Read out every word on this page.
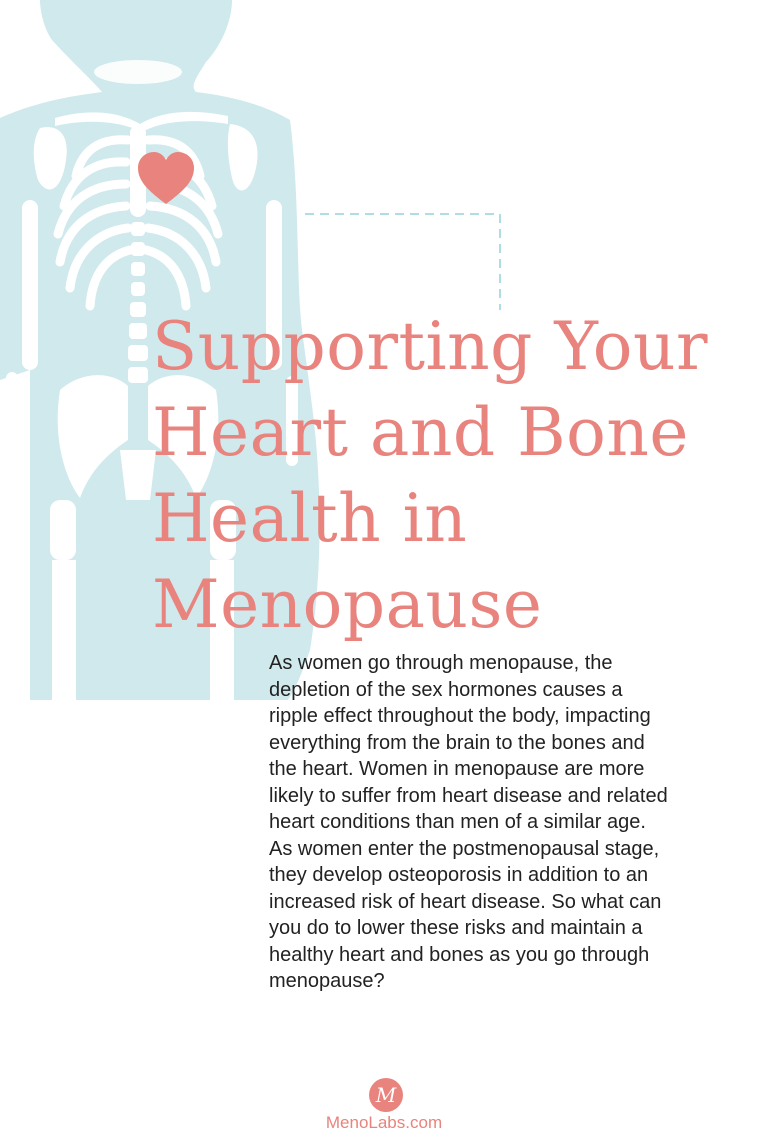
Supporting Your
Heart and Bone
Health in
Menopause

As women go through menopause, the
depletion of the sex hormones causes a
ripple effect throughout the body, impacting
everything from the brain to the bones and
the heart. Women in menopause are more
likely to suffer from heart disease and related
heart conditions than men of a similar age.
As women enter the postmenopausal stage,
they develop osteoporosis in addition to an
increased risk of heart disease. So what can
you do to lower these risks and maintain a
healthy heart and bones as you go through
menopause?

M
MenoLabs.com
